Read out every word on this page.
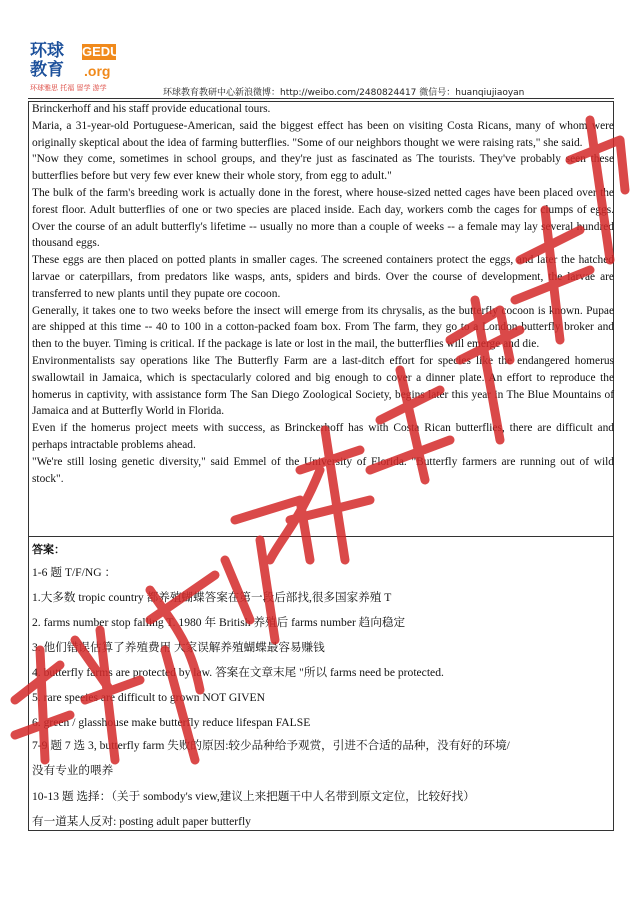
环球
教育
GEDU
.org
环球雅思 托福 留学 游学	环球教育教研中心新浪微博：http://weibo.com/2480824417 微信号：huanqiujiaoyan

Brinckerhoff and his staff provide educational tours.

Maria, a 31-year-old Portuguese-American, said the biggest effect has been on visiting Costa Ricans, many of whom were originally skeptical about the idea of farming butterflies. "Some of our neighbors thought we were raising rats," she said.

"Now they come, sometimes in school groups, and they're just as fascinated as The tourists. They've probably seen these butterflies before but very few ever knew their whole story, from egg to adult."

The bulk of the farm's breeding work is actually done in the forest, where house-sized netted cages have been placed over the forest floor. Adult butterflies of one or two species are placed inside. Each day, workers comb the cages for clumps of eggs. Over the course of an adult butterfly's lifetime -- usually no more than a couple of weeks -- a female may lay several hundred thousand eggs.

These eggs are then placed on potted plants in smaller cages. The screened containers protect the eggs, and later the hatched larvae or caterpillars, from predators like wasps, ants, spiders and birds. Over the course of development, the larvae are transferred to new plants until they pupate ore cocoon.

Generally, it takes one to two weeks before the insect will emerge from its chrysalis, as the butterfly cocoon is known. Pupae are shipped at this time -- 40 to 100 in a cotton-packed foam box. From The farm, they go to a London butterfly broker and then to the buyer. Timing is critical. If the package is late or lost in the mail, the butterflies will emerge and die.

Environmentalists say operations like The Butterfly Farm are a last-ditch effort for species like the endangered homerus swallowtail in Jamaica, which is spectacularly colored and big enough to cover a dinner plate. An effort to reproduce the homerus in captivity, with assistance form The San Diego Zoological Society, begins later this year in The Blue Mountains of Jamaica and at Butterfly World in Florida.

Even if the homerus project meets with success, as Brinckerhoff has with Costa Rican butterflies, there are difficult and perhaps intractable problems ahead.

"We're still losing genetic diversity," said Emmel of the University of Florida. "Butterfly farmers are running out of wild stock".

答案：

1-6 题 T/F/NG ：

1.大多数 tropic country 都养殖蝴蝶答案在第一段后部找,很多国家养殖 T

2. farms number stop falling T. 1980 年 British 养殖后 farms number 趋向稳定

3. 他们错误估算了养殖费用 大家误解养殖蝴蝶最容易赚钱

4. butterfly farms are protected by law. 答案在文章末尾 "所以 farms need be protected.

5. rare speeies are difficult to grown NOT GIVEN

6. green / glasshouse make butterfly reduce lifespan FALSE

7-9 题 7 选 3, butterfly farm 失败的原因:较少品种给予观赏，引进不合适的品种，没有好的环境/

没有专业的喂养

10-13 题 选择：（关于 sombody's view,建议上来把题干中人名带到原文定位，比较好找）

有一道某人反对: posting adult paper butterfly
